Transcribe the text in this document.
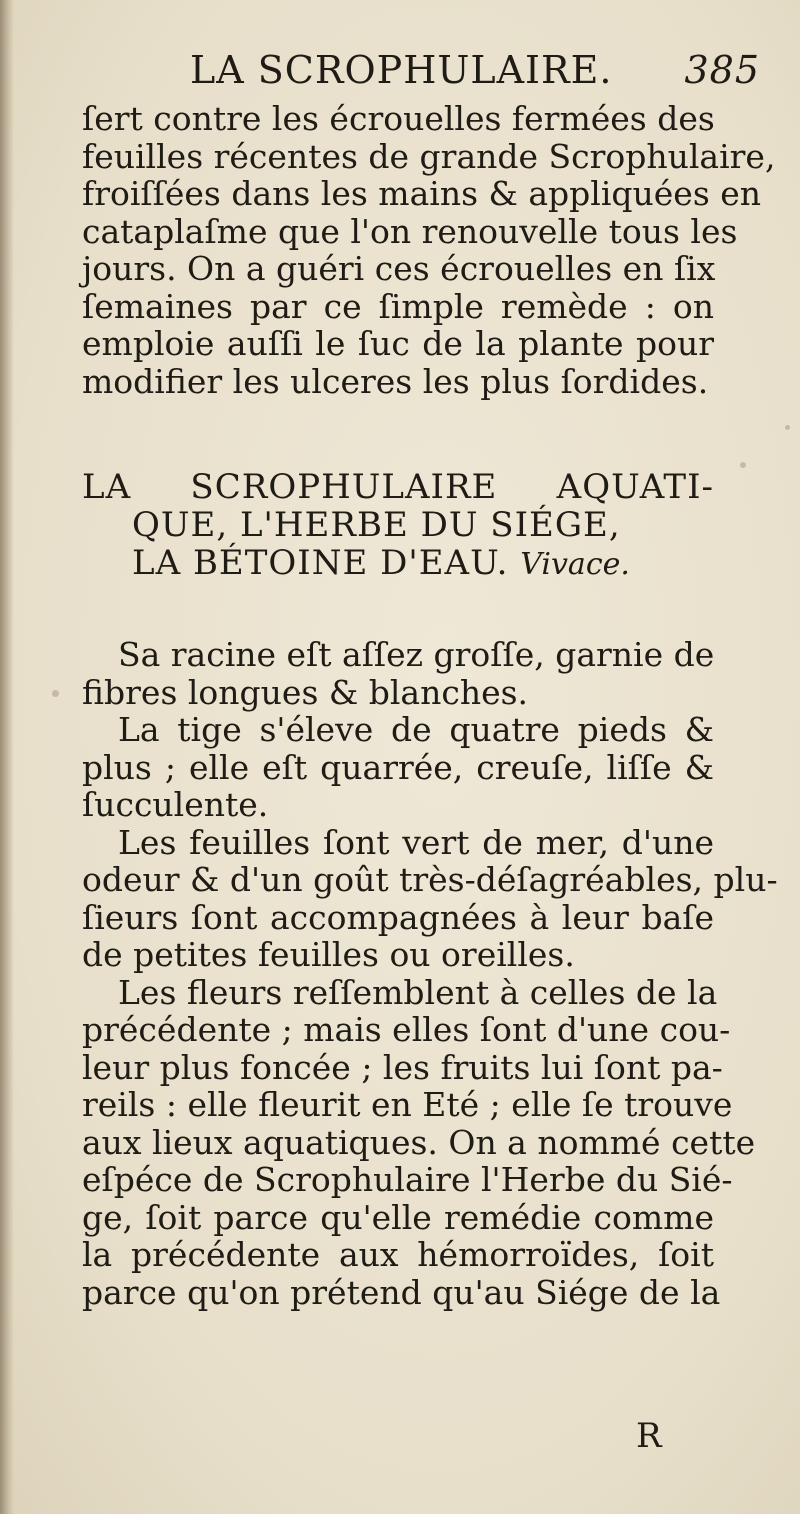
LA SCROPHULAIRE. 385
ſert contre les écrouelles fermées des
feuilles récentes de grande Scrophulaire,
froiſſées dans les mains & appliquées en
cataplaſme que l'on renouvelle tous les
jours. On a guéri ces écrouelles en ſix
ſemaines par ce ſimple remède : on
emploie auſſi le ſuc de la plante pour
modifier les ulceres les plus ſordides.
LA SCROPHULAIRE AQUATI-
QUE, L'HERBE DU SIÉGE,
LA BÉTOINE D'EAU. Vivace.
Sa racine eſt aſſez groſſe, garnie de
fibres longues & blanches.
La tige s'éleve de quatre pieds &
plus ; elle eſt quarrée, creuſe, liſſe &
ſucculente.
Les feuilles ſont vert de mer, d'une
odeur & d'un goût très-déſagréables, plu-
ſieurs ſont accompagnées à leur baſe
de petites feuilles ou oreilles.
Les fleurs reſſemblent à celles de la
précédente ; mais elles ſont d'une cou-
leur plus foncée ; les fruits lui ſont pa-
reils : elle fleurit en Eté ; elle ſe trouve
aux lieux aquatiques. On a nommé cette
eſpéce de Scrophulaire l'Herbe du Sié-
ge, ſoit parce qu'elle remédie comme
la précédente aux hémorroïdes, ſoit
parce qu'on prétend qu'au Siége de la
R
